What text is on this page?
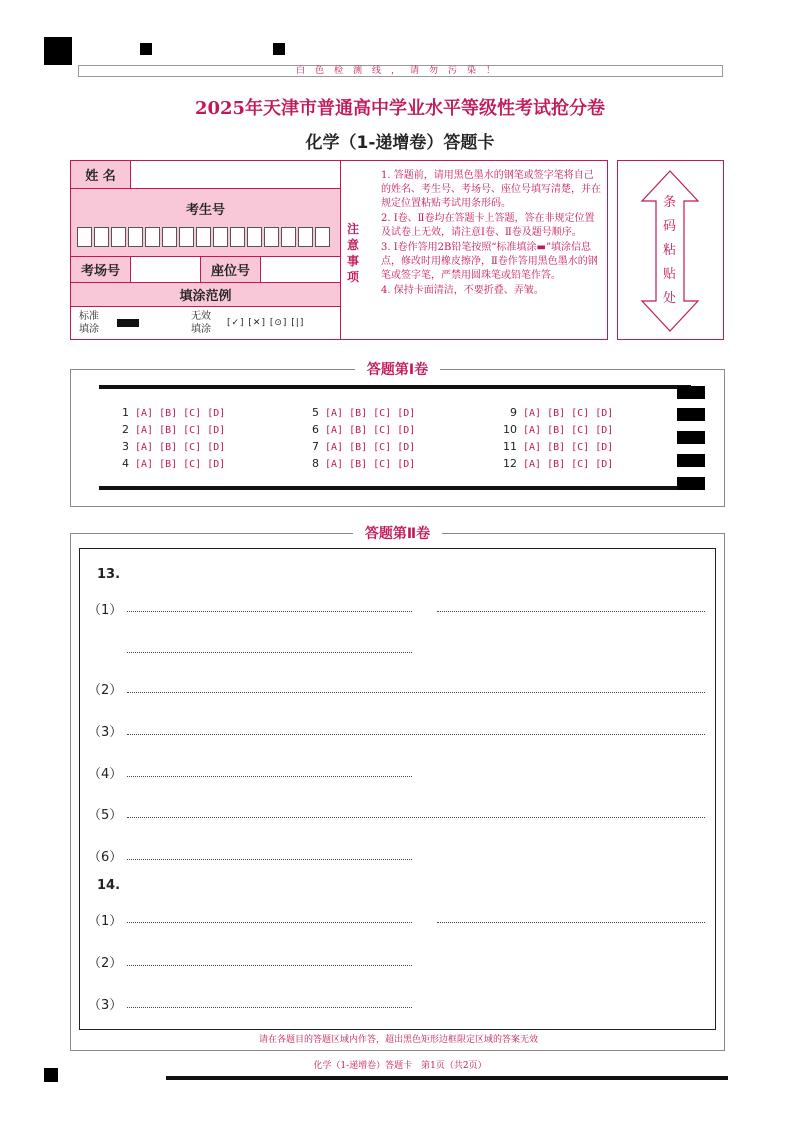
白色检测线，请勿污染！
2025年天津市普通高中学业水平等级性考试抢分卷
化学（1-递增卷）答题卡
姓 名
考生号
考场号	座位号
填涂范例
标准填涂
无效填涂
[✓] [✕] [⊙] [|]
注意事项

1. 答题前，请用黑色墨水的钢笔或签字笔将自己的姓名、考生号、考场号、座位号填写清楚，并在规定位置粘贴考试用条形码。

2. Ⅰ卷、Ⅱ卷均在答题卡上答题，答在非规定位置及试卷上无效，请注意Ⅰ卷、Ⅱ卷及题号顺序。

3. Ⅰ卷作答用2B铅笔按照“标准填涂▬”填涂信息点，修改时用橡皮擦净，Ⅱ卷作答用黑色墨水的钢笔或签字笔，严禁用圆珠笔或铅笔作答。

4. 保持卡面清洁，不要折叠、弄皱。

条码粘贴处
答题第Ⅰ卷
1 [A] [B] [C] [D]
2 [A] [B] [C] [D]
3 [A] [B] [C] [D]
4 [A] [B] [C] [D]
5 [A] [B] [C] [D]
6 [A] [B] [C] [D]
7 [A] [B] [C] [D]
8 [A] [B] [C] [D]
9 [A] [B] [C] [D]
10 [A] [B] [C] [D]
11 [A] [B] [C] [D]
12 [A] [B] [C] [D]
答题第Ⅱ卷
13.
（1）
（2）
（3）
（4）
（5）
（6）
14.
（1）
（2）
（3）
请在各题目的答题区域内作答，超出黑色矩形边框限定区域的答案无效
化学（1-递增卷）答题卡　第1页（共2页）
